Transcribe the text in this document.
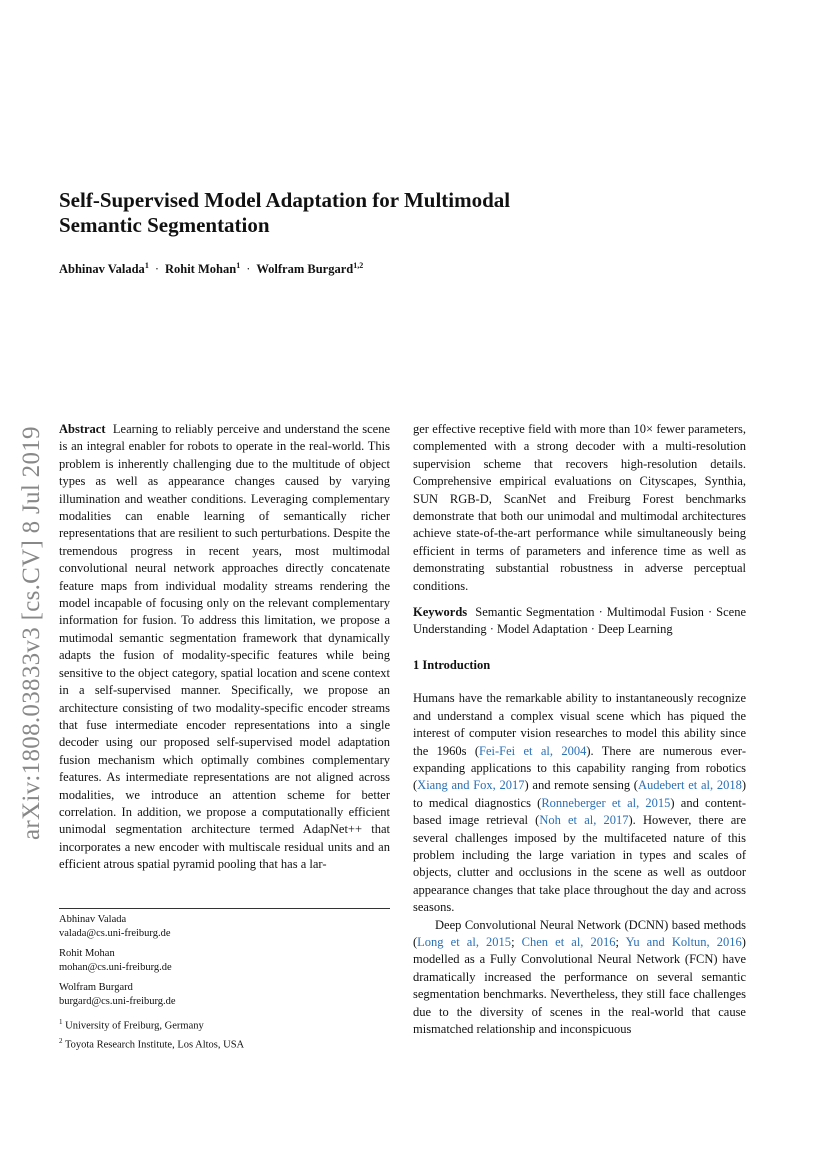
Self-Supervised Model Adaptation for Multimodal Semantic Segmentation
Abhinav Valada$^1$ · Rohit Mohan$^1$ · Wolfram Burgard$^{1,2}$
arXiv:1808.03833v3 [cs.CV] 8 Jul 2019	Abstract Learning to reliably perceive and understand the scene is an integral enabler for robots to operate in the real-world. This problem is inherently challenging due to the multitude of object types as well as appearance changes caused by varying illumination and weather conditions. Leveraging complementary modalities can enable learning of semantically richer representations that are resilient to such perturbations. Despite the tremendous progress in recent years, most multimodal convolutional neural network approaches directly concatenate feature maps from individual modality streams rendering the model incapable of focusing only on the relevant complementary information for fusion. To address this limitation, we propose a mutimodal semantic segmentation framework that dynamically adapts the fusion of modality-specific features while being sensitive to the object category, spatial location and scene context in a self-supervised manner. Specifically, we propose an architecture consisting of two modality-specific encoder streams that fuse intermediate encoder representations into a single decoder using our proposed self-supervised model adaptation fusion mechanism which optimally combines complementary features. As intermediate representations are not aligned across modalities, we introduce an attention scheme for better correlation. In addition, we propose a computationally efficient unimodal segmentation architecture termed AdapNet++ that incorporates a new encoder with multiscale residual units and an efficient atrous spatial pyramid pooling that has a lar-

ger effective receptive field with more than 10× fewer parameters, complemented with a strong decoder with a multi-resolution supervision scheme that recovers high-resolution details. Comprehensive empirical evaluations on Cityscapes, Synthia, SUN RGB-D, ScanNet and Freiburg Forest benchmarks demonstrate that both our unimodal and multimodal architectures achieve state-of-the-art performance while simultaneously being efficient in terms of parameters and inference time as well as demonstrating substantial robustness in adverse perceptual conditions.

Keywords Semantic Segmentation · Multimodal Fusion · Scene Understanding · Model Adaptation · Deep Learning

1 Introduction

Humans have the remarkable ability to instantaneously recognize and understand a complex visual scene which has piqued the interest of computer vision researches to model this ability since the 1960s (Fei-Fei et al, 2004). There are numerous ever-expanding applications to this capability ranging from robotics (Xiang and Fox, 2017) and remote sensing (Audebert et al, 2018) to medical diagnostics (Ronneberger et al, 2015) and content-based image retrieval (Noh et al, 2017). However, there are several challenges imposed by the multifaceted nature of this problem including the large variation in types and scales of objects, clutter and occlusions in the scene as well as outdoor appearance changes that take place throughout the day and across seasons.

Deep Convolutional Neural Network (DCNN) based methods (Long et al, 2015; Chen et al, 2016; Yu and Koltun, 2016) modelled as a Fully Convolutional Neural Network (FCN) have dramatically increased the performance on several semantic segmentation benchmarks. Nevertheless, they still face challenges due to the diversity of scenes in the real-world that cause mismatched relationship and inconspicuous

Abhinav Valada
valada@cs.uni-freiburg.de
Rohit Mohan
mohan@cs.uni-freiburg.de
Wolfram Burgard
burgard@cs.uni-freiburg.de
$^1$ University of Freiburg, Germany
$^2$ Toyota Research Institute, Los Altos, USA
